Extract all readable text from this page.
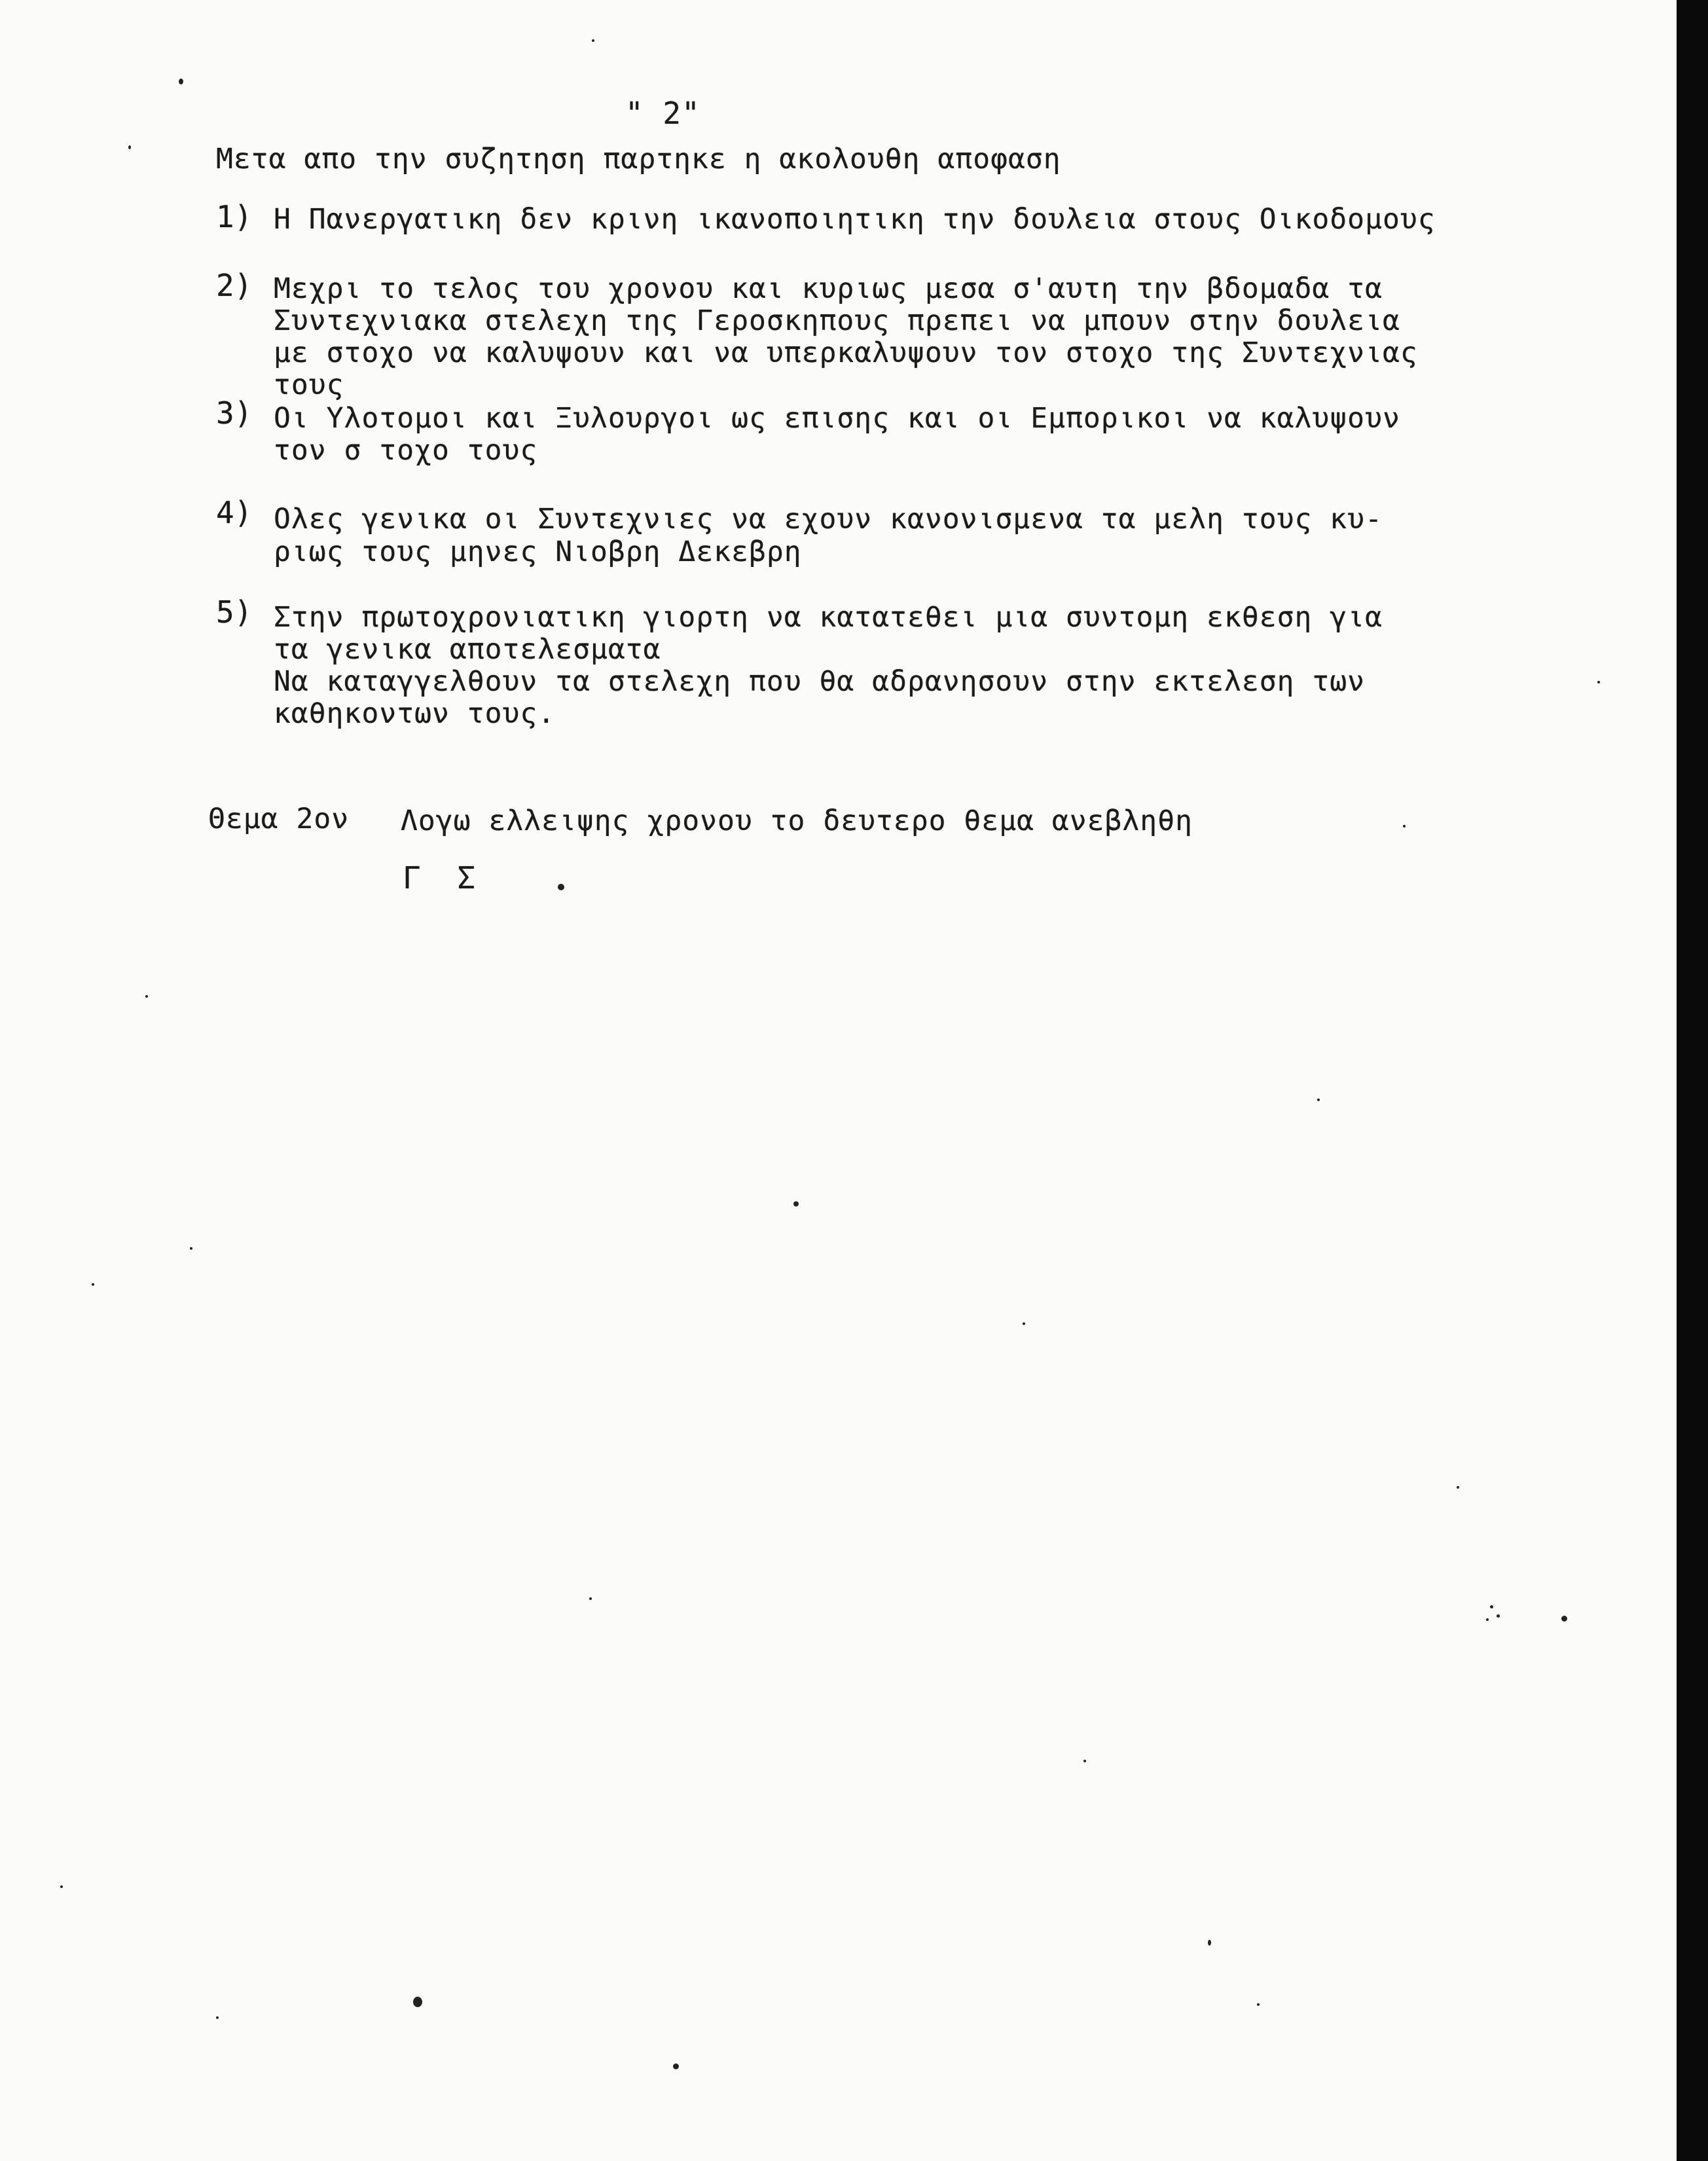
" 2"
Μετα απο την συζητηση παρτηκε η ακολουθη αποφαση
1) Η Πανεργατικη δεν κρινη ικανοποιητικη την δουλεια στους Οικοδομους
2) Μεχρι το τελος του χρονου και κυριως μεσα σ'αυτη την βδομαδα τα
Συντεχνιακα στελεχη της Γεροσκηπους πρεπει να μπουν στην δουλεια
με στοχο να καλυψουν και να υπερκαλυψουν τον στοχο της Συντεχνιας
τους
3) Οι Υλοτομοι και Ξυλουργοι ως επισης και οι Εμπορικοι να καλυψουν
τον σ τοχο τους
4) Ολες γενικα οι Συντεχνιες να εχουν κανονισμενα τα μελη τους κυ-
ριως τους μηνες Νιοβρη Δεκεβρη
5) Στην πρωτοχρονιατικη γιορτη να κατατεθει μια συντομη εκθεση για
τα γενικα αποτελεσματα
Να καταγγελθουν τα στελεχη που θα αδρανησουν στην εκτελεση των
καθηκοντων τους.
Θεμα 2ον Λογω ελλειψης χρονου το δευτερο θεμα ανεβληθη
Γ Σ
